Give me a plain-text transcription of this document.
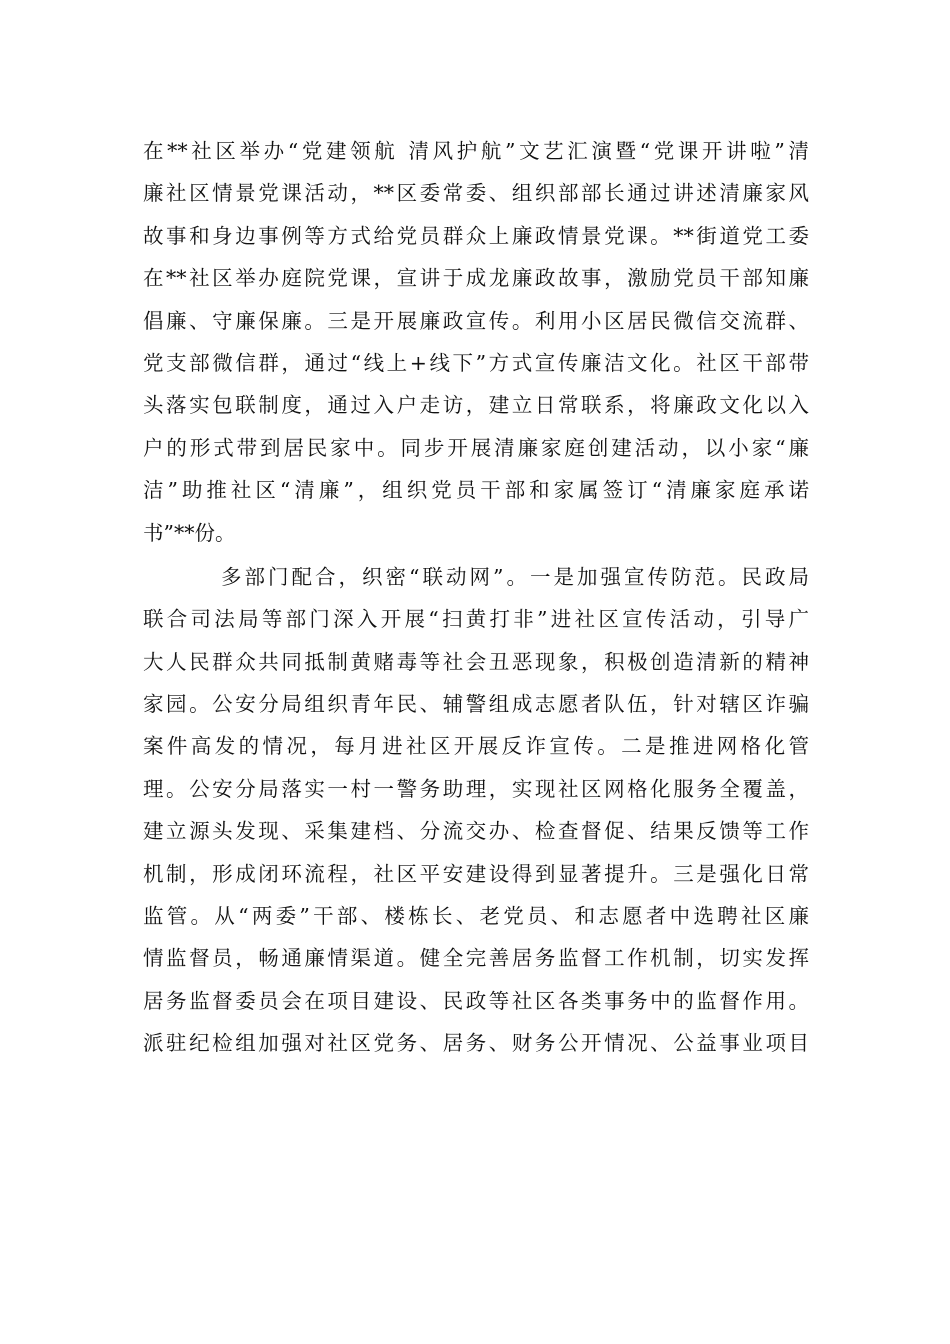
在**社区举办“党建领航 清风护航”文艺汇演暨“党课开讲啦”清
廉社区情景党课活动，**区委常委、组织部部长通过讲述清廉家风
故事和身边事例等方式给党员群众上廉政情景党课。**街道党工委
在**社区举办庭院党课，宣讲于成龙廉政故事，激励党员干部知廉
倡廉、守廉保廉。三是开展廉政宣传。利用小区居民微信交流群、
党支部微信群，通过“线上+线下”方式宣传廉洁文化。社区干部带
头落实包联制度，通过入户走访，建立日常联系，将廉政文化以入
户的形式带到居民家中。同步开展清廉家庭创建活动，以小家“廉
洁”助推社区“清廉”，组织党员干部和家属签订“清廉家庭承诺
书”**份。
多部门配合，织密“联动网”。一是加强宣传防范。民政局
联合司法局等部门深入开展“扫黄打非”进社区宣传活动，引导广
大人民群众共同抵制黄赌毒等社会丑恶现象，积极创造清新的精神
家园。公安分局组织青年民、辅警组成志愿者队伍，针对辖区诈骗
案件高发的情况，每月进社区开展反诈宣传。二是推进网格化管
理。公安分局落实一村一警务助理，实现社区网格化服务全覆盖，
建立源头发现、采集建档、分流交办、检查督促、结果反馈等工作
机制，形成闭环流程，社区平安建设得到显著提升。三是强化日常
监管。从“两委”干部、楼栋长、老党员、和志愿者中选聘社区廉
情监督员，畅通廉情渠道。健全完善居务监督工作机制，切实发挥
居务监督委员会在项目建设、民政等社区各类事务中的监督作用。
派驻纪检组加强对社区党务、居务、财务公开情况、公益事业项目
